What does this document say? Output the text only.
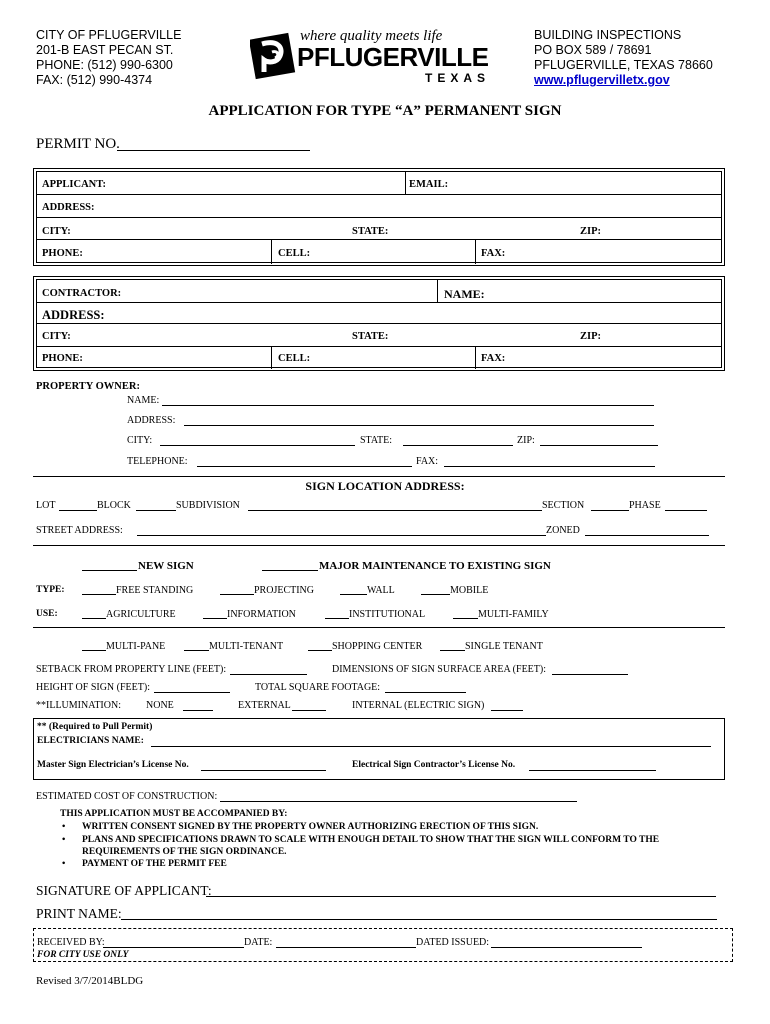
CITY OF PFLUGERVILLE
201-B EAST PECAN ST.
PHONE: (512) 990-6300
FAX: (512) 990-4374
where quality meets life
PFLUGERVILLE
TEXAS
BUILDING INSPECTIONS
PO BOX 589 / 78691
PFLUGERVILLE, TEXAS 78660
www.pflugervilletx.gov
APPLICATION FOR TYPE “A” PERMANENT SIGN
PERMIT NO.
APPLICANT:	EMAIL:
ADDRESS:
CITY:	STATE:	ZIP:
PHONE:	CELL:	FAX:
CONTRACTOR:	NAME:
ADDRESS:
CITY:	STATE:	ZIP:
PHONE:	CELL:	FAX:
PROPERTY OWNER:
NAME:
ADDRESS:
CITY:	STATE:	ZIP:
TELEPHONE:	FAX:
SIGN LOCATION ADDRESS:
LOT	BLOCK	SUBDIVISION	SECTION	PHASE
STREET ADDRESS:	ZONED
NEW SIGN	MAJOR MAINTENANCE TO EXISTING SIGN
TYPE:	FREE STANDING	PROJECTING	WALL	MOBILE
USE:	AGRICULTURE	INFORMATION	INSTITUTIONAL	MULTI-FAMILY
MULTI-PANE	MULTI-TENANT	SHOPPING CENTER	SINGLE TENANT
SETBACK FROM PROPERTY LINE (FEET):	DIMENSIONS OF SIGN SURFACE AREA (FEET):
HEIGHT OF SIGN (FEET):	TOTAL SQUARE FOOTAGE:
**ILLUMINATION:	NONE	EXTERNAL	INTERNAL (ELECTRIC SIGN)
** (Required to Pull Permit)
ELECTRICIANS NAME:
Master Sign Electrician’s License No.	Electrical Sign Contractor’s License No.
ESTIMATED COST OF CONSTRUCTION:
THIS APPLICATION MUST BE ACCOMPANIED BY:
• WRITTEN CONSENT SIGNED BY THE PROPERTY OWNER AUTHORIZING ERECTION OF THIS SIGN.
• PLANS AND SPECIFICATIONS DRAWN TO SCALE WITH ENOUGH DETAIL TO SHOW THAT THE SIGN WILL CONFORM TO THE
REQUIREMENTS OF THE SIGN ORDINANCE.
• PAYMENT OF THE PERMIT FEE
SIGNATURE OF APPLICANT:
PRINT NAME:
RECEIVED BY:	DATE:	DATED ISSUED:
FOR CITY USE ONLY
Revised 3/7/2014BLDG
